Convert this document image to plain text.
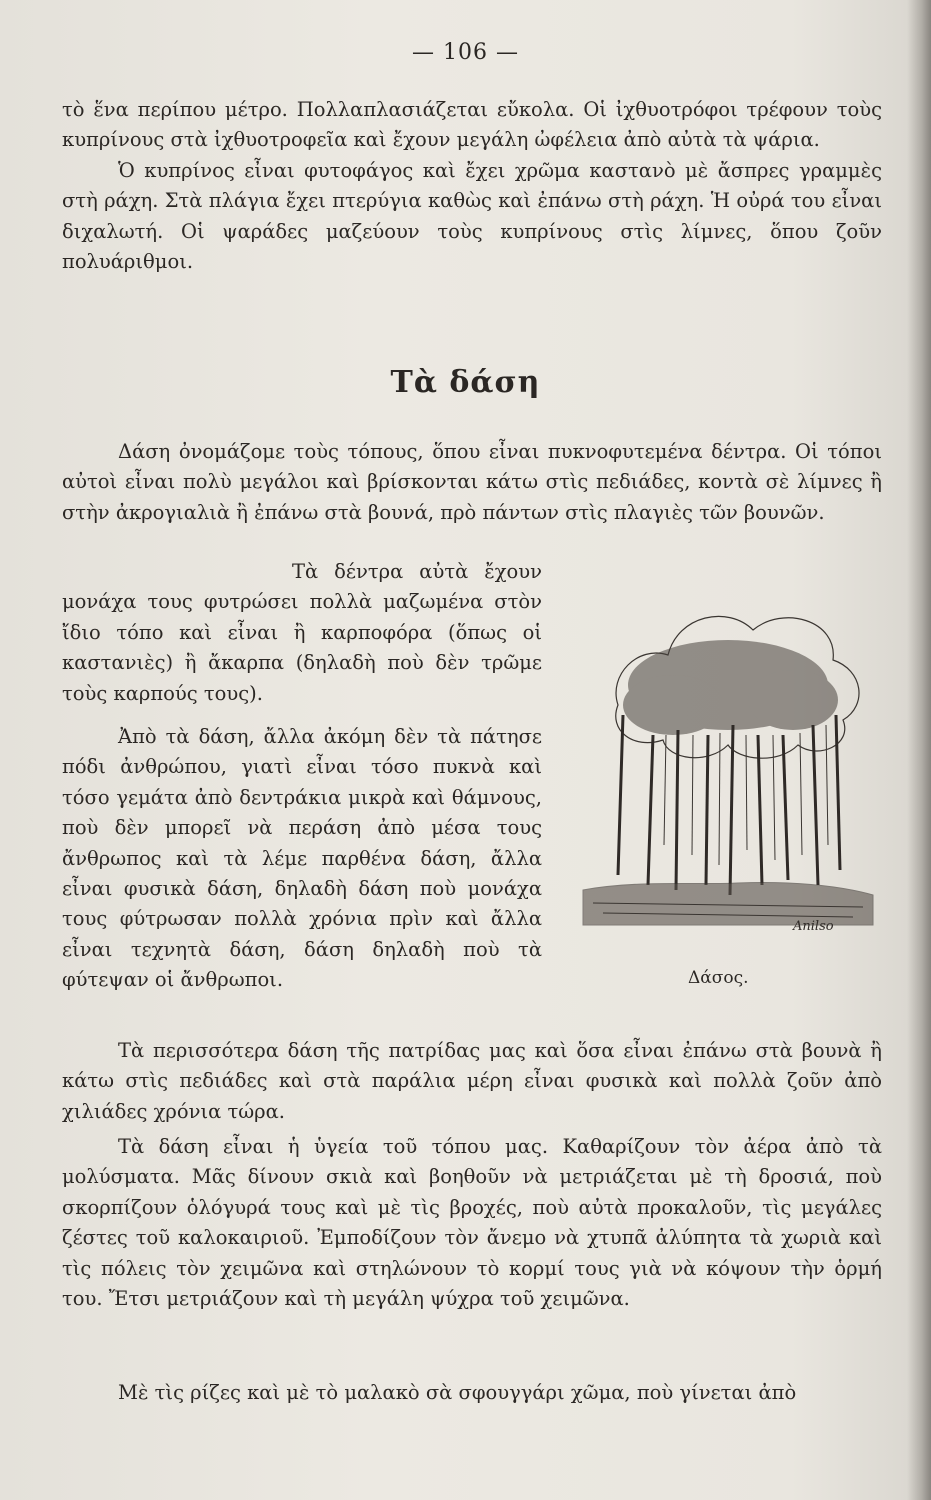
— 106 —

τὸ ἕνα περίπου μέτρο. Πολλαπλασιάζεται εὔκολα. Οἱ ἰχθυοτρόφοι τρέφουν τοὺς κυπρίνους στὰ ἰχθυοτροφεῖα καὶ ἔχουν μεγάλη ὠφέλεια ἀπὸ αὐτὰ τὰ ψάρια.

Ὁ κυπρίνος εἶναι φυτοφάγος καὶ ἔχει χρῶμα καστανὸ μὲ ἄσπρες γραμμὲς στὴ ράχη. Στὰ πλάγια ἔχει πτερύγια καθὼς καὶ ἐπάνω στὴ ράχη. Ἡ οὐρά του εἶναι διχαλωτή. Οἱ ψαράδες μαζεύουν τοὺς κυπρίνους στὶς λίμνες, ὅπου ζοῦν πολυάριθμοι.

Τὰ δάση

Δάση ὀνομάζομε τοὺς τόπους, ὅπου εἶναι πυκνοφυτεμένα δέντρα. Οἱ τόποι αὐτοὶ εἶναι πολὺ μεγάλοι καὶ βρίσκονται κάτω στὶς πεδιάδες, κοντὰ σὲ λίμνες ἢ στὴν ἀκρογιαλιὰ ἢ ἐπάνω στὰ βουνά, πρὸ πάντων στὶς πλαγιὲς τῶν βουνῶν.

Τὰ δέντρα αὐτὰ ἔχουν μονάχα τους φυτρώσει πολλὰ μαζωμένα στὸν ἴδιο τόπο καὶ εἶναι ἢ καρποφόρα (ὅπως οἱ καστανιὲς) ἢ ἄκαρπα (δηλαδὴ ποὺ δὲν τρῶμε τοὺς καρπούς τους).

Ἀπὸ τὰ δάση, ἄλλα ἀκόμη δὲν τὰ πάτησε πόδι ἀνθρώπου, γιατὶ εἶναι τόσο πυκνὰ καὶ τόσο γεμάτα ἀπὸ δεντράκια μικρὰ καὶ θάμνους, ποὺ δὲν μπορεῖ νὰ περάση ἀπὸ μέσα τους ἄνθρωπος καὶ τὰ λέμε παρθένα δάση, ἄλλα εἶναι φυσικὰ δάση, δηλαδὴ δάση ποὺ μονάχα τους φύτρωσαν πολλὰ χρόνια πρὶν καὶ ἄλλα εἶναι τεχνητὰ δάση, δάση δηλαδὴ ποὺ τὰ φύτεψαν οἱ ἄνθρωποι.

Anilso
Δάσος.

Τὰ περισσότερα δάση τῆς πατρίδας μας καὶ ὅσα εἶναι ἐπάνω στὰ βουνὰ ἢ κάτω στὶς πεδιάδες καὶ στὰ παράλια μέρη εἶναι φυσικὰ καὶ πολλὰ ζοῦν ἀπὸ χιλιάδες χρόνια τώρα.

Τὰ δάση εἶναι ἡ ὑγεία τοῦ τόπου μας. Καθαρίζουν τὸν ἀέρα ἀπὸ τὰ μολύσματα. Μᾶς δίνουν σκιὰ καὶ βοηθοῦν νὰ μετριάζεται μὲ τὴ δροσιά, ποὺ σκορπίζουν ὁλόγυρά τους καὶ μὲ τὶς βροχές, ποὺ αὐτὰ προκαλοῦν, τὶς μεγάλες ζέστες τοῦ καλοκαιριοῦ. Ἐμποδίζουν τὸν ἄνεμο νὰ χτυπᾶ ἀλύπητα τὰ χωριὰ καὶ τὶς πόλεις τὸν χειμῶνα καὶ στηλώνουν τὸ κορμί τους γιὰ νὰ κόψουν τὴν ὁρμή του. Ἔτσι μετριάζουν καὶ τὴ μεγάλη ψύχρα τοῦ χειμῶνα.

Μὲ τὶς ρίζες καὶ μὲ τὸ μαλακὸ σὰ σφουγγάρι χῶμα, ποὺ γίνεται ἀπὸ
